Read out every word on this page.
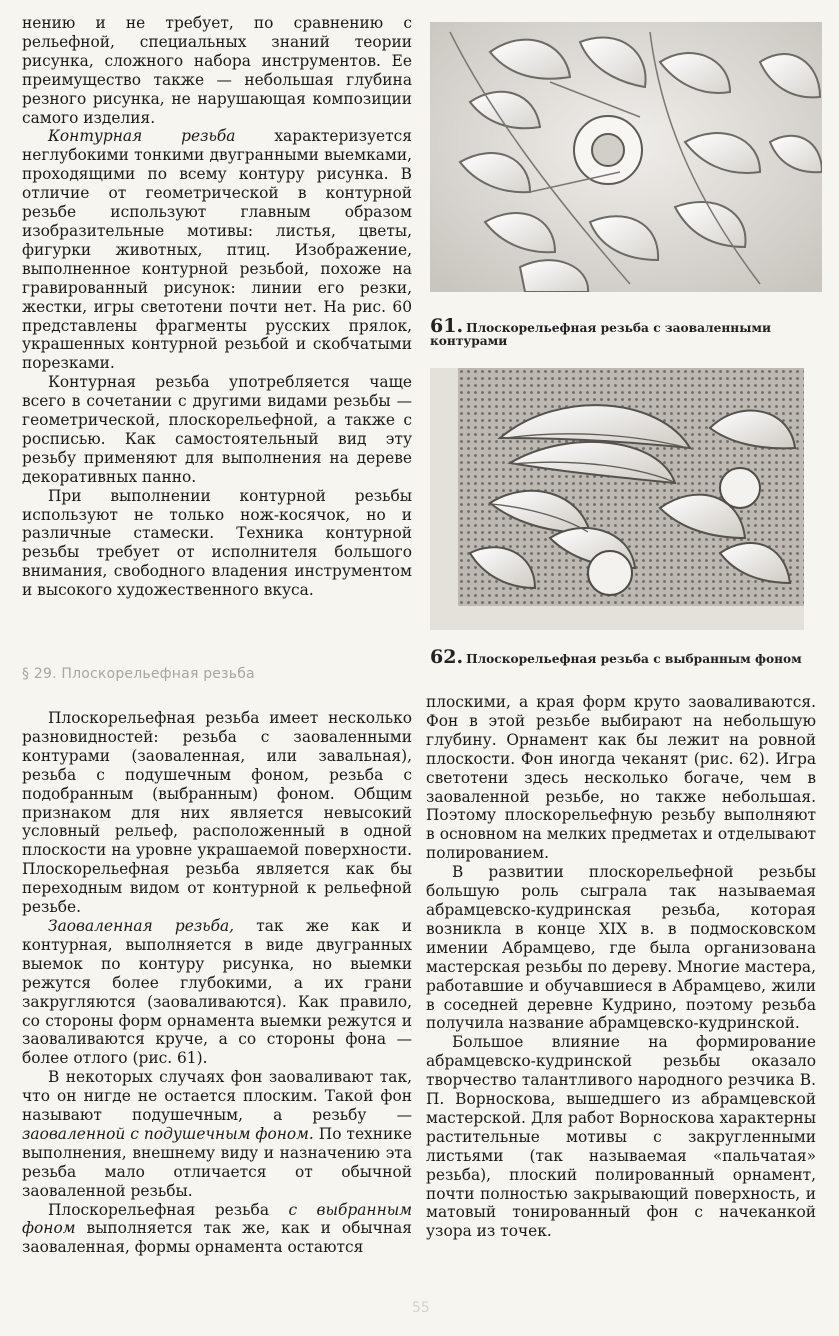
нению и не требует, по сравнению с рельефной, специальных знаний теории рисунка, сложного набора инструментов. Ее преимущество также — небольшая глубина резного рисунка, не нарушающая композиции самого изделия.

Контурная резьба	характеризуется неглубокими тонкими двугранными выемками, проходящими по всему контуру рисунка. В отличие от геометрической в контурной резьбе используют главным образом изобразительные мотивы: листья, цветы, фигурки животных, птиц. Изображение, выполненное контурной резьбой, похоже на гравированный рисунок: линии его резки, жестки, игры светотени почти нет. На рис. 60 представлены фрагменты русских прялок, украшенных контурной резьбой и скобчатыми порезками.

Контурная резьба употребляется чаще всего в сочетании с другими видами резьбы — геометрической, плоскорельефной, а также с росписью. Как самостоятельный вид эту резьбу применяют для выполнения на дереве декоративных панно.

При выполнении контурной резьбы используют не только нож-косячок, но и различные стамески. Техника контурной резьбы требует от исполнителя большого внимания, свободного владения инструментом и высокого художественного вкуса.

61. Плоскорельефная резьба с заоваленными контурами
62. Плоскорельефная резьба с выбранным фоном
§ 29. Плоскорельефная резьба

Плоскорельефная резьба имеет несколько разновидностей: резьба с заоваленными контурами (заоваленная, или завальная), резьба с подушечным фоном, резьба с подобранным (выбранным) фоном. Общим признаком для них является невысокий условный рельеф, расположенный в одной плоскости на уровне украшаемой поверхности. Плоскорельефная резьба является как бы переходным видом от контурной к рельефной резьбе.

Заоваленная резьба, так же как и контурная, выполняется в виде двугранных выемок по контуру рисунка, но выемки режутся более глубокими, а их грани закругляются (заоваливаются). Как правило, со стороны форм орнамента выемки режутся и заоваливаются круче, а со стороны фона — более отлого (рис. 61).

В некоторых случаях фон заоваливают так, что он нигде не остается плоским. Такой фон называют подушечным, а резьбу — заоваленной с подушечным фоном. По технике выполнения, внешнему виду и назначению эта резьба мало отличается от обычной заоваленной резьбы.

Плоскорельефная резьба с выбранным фоном выполняется так же, как и обычная заоваленная, формы орнамента остаются

плоскими, а края форм круто заоваливаются. Фон в этой резьбе выбирают на небольшую глубину. Орнамент как бы лежит на ровной плоскости. Фон иногда чеканят (рис. 62). Игра светотени здесь несколько богаче, чем в заоваленной резьбе, но также небольшая. Поэтому плоскорельефную резьбу выполняют в основном на мелких предметах и отделывают полированием.

В развитии плоскорельефной резьбы большую роль сыграла так называемая абрамцевско-кудринская резьба, которая возникла в конце XIX в. в подмосковском имении Абрамцево, где была организована мастерская резьбы по дереву. Многие мастера, работавшие и обучавшиеся в Абрамцево, жили в соседней деревне Кудрино, поэтому резьба получила название абрамцевско-кудринской.

Большое влияние на формирование абрамцевско-кудринской резьбы оказало творчество талантливого народного резчика В. П. Ворноскова, вышедшего из абрамцевской мастерской. Для работ Ворноскова характерны растительные мотивы с закругленными листьями (так называемая «пальчатая» резьба), плоский полированный орнамент, почти полностью закрывающий поверхность, и матовый тонированный фон с начеканкой узора из точек.

55
